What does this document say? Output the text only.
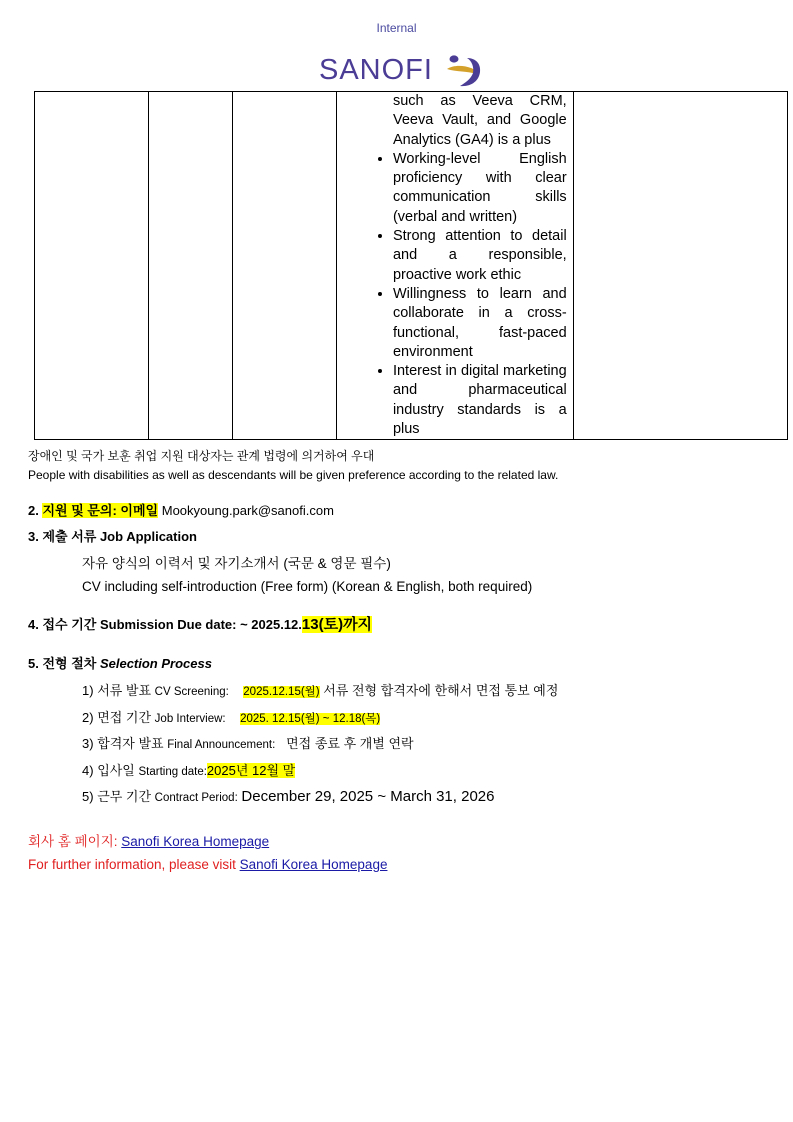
Internal
SANOFI

such as Veeva CRM, Veeva Vault, and Google Analytics (GA4) is a plus
• Working-level English proficiency with clear communication skills (verbal and written)
• Strong attention to detail and a responsible, proactive work ethic
• Willingness to learn and collaborate in a cross-functional, fast-paced environment
• Interest in digital marketing and pharmaceutical industry standards is a plus

장애인 및 국가 보훈 취업 지원 대상자는 관계 법령에 의거하여 우대
People with disabilities as well as descendants will be given preference according to the related law.
2. 지원 및 문의: 이메일 Mookyoung.park@sanofi.com
3. 제출 서류 Job Application
자유 양식의 이력서 및 자기소개서 (국문 & 영문 필수)
CV including self-introduction (Free form) (Korean & English, both required)
4. 접수 기간 Submission Due date: ~ 2025.12.13(토)까지
5. 전형 절차 Selection Process
1) 서류 발표 CV Screening: 2025.12.15(월) 서류 전형 합격자에 한해서 면접 통보 예정
2) 면접 기간 Job Interview: 2025. 12.15(월) ~ 12.18(목)
3) 합격자 발표 Final Announcement: 면접 종료 후 개별 연락
4) 입사일 Starting date:2025년 12월 말
5) 근무 기간 Contract Period: December 29, 2025 ~ March 31, 2026
회사 홈 페이지: Sanofi Korea Homepage
For further information, please visit Sanofi Korea Homepage
